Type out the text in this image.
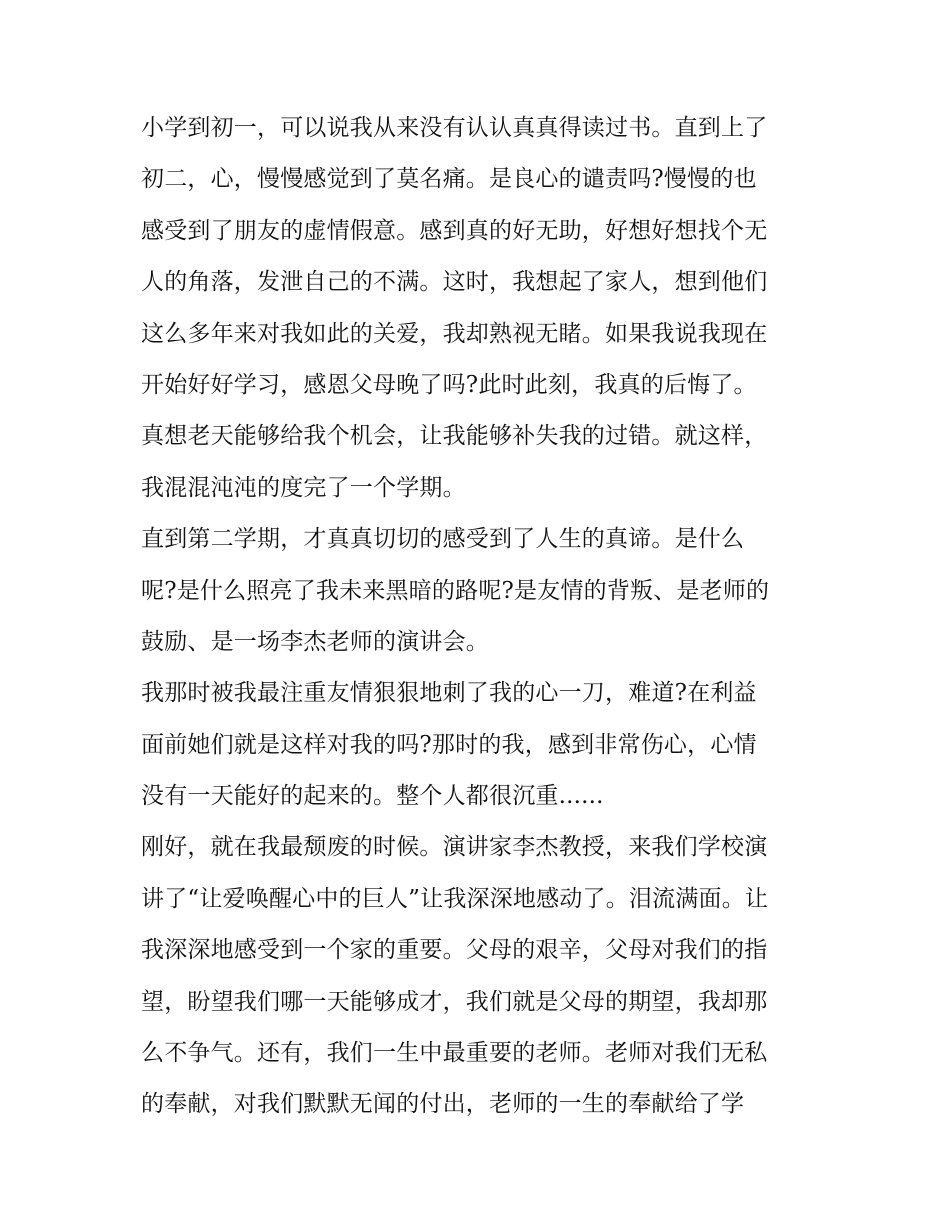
小学到初一，可以说我从来没有认认真真得读过书。直到上了
初二，心，慢慢感觉到了莫名痛。是良心的谴责吗?慢慢的也
感受到了朋友的虚情假意。感到真的好无助，好想好想找个无
人的角落，发泄自己的不满。这时，我想起了家人，想到他们
这么多年来对我如此的关爱，我却熟视无睹。如果我说我现在
开始好好学习，感恩父母晚了吗?此时此刻，我真的后悔了。
真想老天能够给我个机会，让我能够补失我的过错。就这样，
我混混沌沌的度完了一个学期。
直到第二学期，才真真切切的感受到了人生的真谛。是什么
呢?是什么照亮了我未来黑暗的路呢?是友情的背叛、是老师的
鼓励、是一场李杰老师的演讲会。
我那时被我最注重友情狠狠地刺了我的心一刀，难道?在利益
面前她们就是这样对我的吗?那时的我，感到非常伤心，心情
没有一天能好的起来的。整个人都很沉重......
刚好，就在我最颓废的时候。演讲家李杰教授，来我们学校演
讲了“让爱唤醒心中的巨人”让我深深地感动了。泪流满面。让
我深深地感受到一个家的重要。父母的艰辛，父母对我们的指
望，盼望我们哪一天能够成才，我们就是父母的期望，我却那
么不争气。还有，我们一生中最重要的老师。老师对我们无私
的奉献，对我们默默无闻的付出，老师的一生的奉献给了学
